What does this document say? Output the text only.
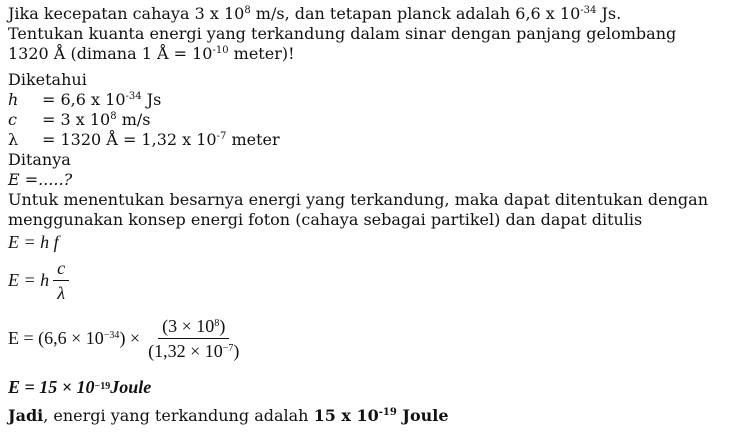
Jika kecepatan cahaya 3 x $10^8$ m/s, dan tetapan planck adalah 6,6 x $10^{-34}$ Js.
Tentukan kuanta energi yang terkandung dalam sinar dengan panjang gelombang
1320 Å (dimana 1 Å = $10^{-10}$ meter)!

Diketahui
h	= 6,6 x $10^{-34}$ Js
c	= 3 x $10^8$ m/s
λ	= 1320 Å = 1,32 x $10^{-7}$ meter
Ditanya
E =.....?

Untuk menentukan besarnya energi yang terkandung, maka dapat ditentukan dengan menggunakan konsep energi foton (cahaya sebagai partikel) dan dapat ditulis

E = h f
E = h $\frac{c}{\lambda}$
$E = (6,6 \times 10^{-34}) \times \frac{(3 \times 10^8)}{(1,32 \times 10^{-7})}$
E = 15 × 10 −19 Joule
Jadi, energi yang terkandung adalah 15 x $10^{-19}$ Joule
